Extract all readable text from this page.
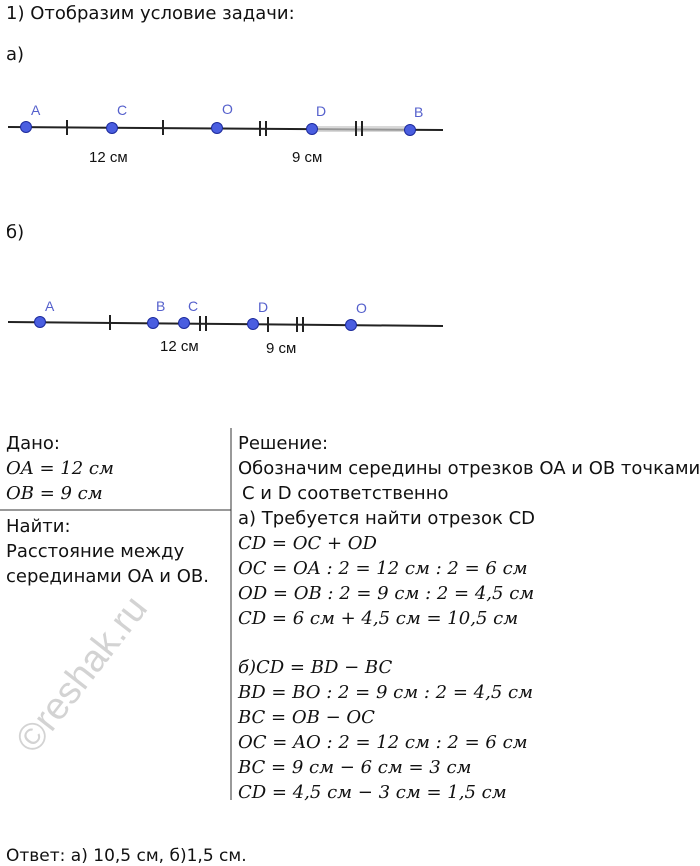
1) Отобразим условие задачи:
а)
A	C	O	D	B
12 см	9 см
A	B C	D	O
12 см	9 см
б)
Дано:
OA = 12 см
OB = 9 см
Найти:
Расстояние между
серединами OA и OB.
Решение:
Обозначим середины отрезков OA и OB точками
C и D соответственно
а) Требуется найти отрезок CD
CD = OC + OD
OC = OA : 2 = 12 см : 2 = 6 см
OD = OB : 2 = 9 см : 2 = 4,5 см
CD = 6 см + 4,5 см = 10,5 см
б)CD = BD − BC
BD = BO : 2 = 9 см : 2 = 4,5 см
BC = OB − OC
OC = AO : 2 = 12 см : 2 = 6 см
BC = 9 см − 6 см = 3 см
CD = 4,5 см − 3 см = 1,5 см
Ответ: а) 10,5 см, б)1,5 см.
©reshak.ru
